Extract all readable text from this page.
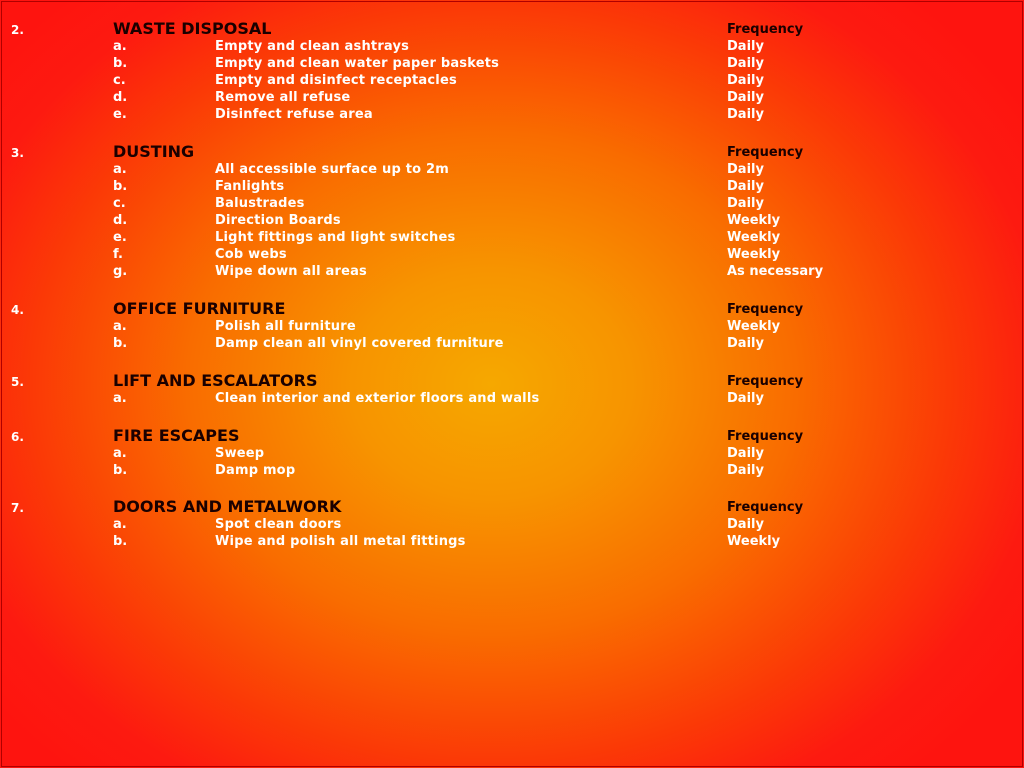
2.	WASTE DISPOSAL	Frequency
a.	Empty and clean ashtrays	Daily
b.	Empty and clean water paper baskets	Daily
c.	Empty and disinfect receptacles	Daily
d.	Remove all refuse	Daily
e.	Disinfect refuse area	Daily
3.	DUSTING	Frequency
a.	All accessible surface up to 2m	Daily
b.	Fanlights	Daily
c.	Balustrades	Daily
d.	Direction Boards	Weekly
e.	Light fittings and light switches	Weekly
f.	Cob webs	Weekly
g.	Wipe down all areas	As necessary
4.	OFFICE FURNITURE	Frequency
a.	Polish all furniture	Weekly
b.	Damp clean all vinyl covered furniture	Daily
5.	LIFT AND ESCALATORS	Frequency
a.	Clean interior and exterior floors and walls	Daily
6.	FIRE ESCAPES	Frequency
a.	Sweep	Daily
b.	Damp mop	Daily
7.	DOORS AND METALWORK	Frequency
a.	Spot clean doors	Daily
b.	Wipe and polish all metal fittings	Weekly
